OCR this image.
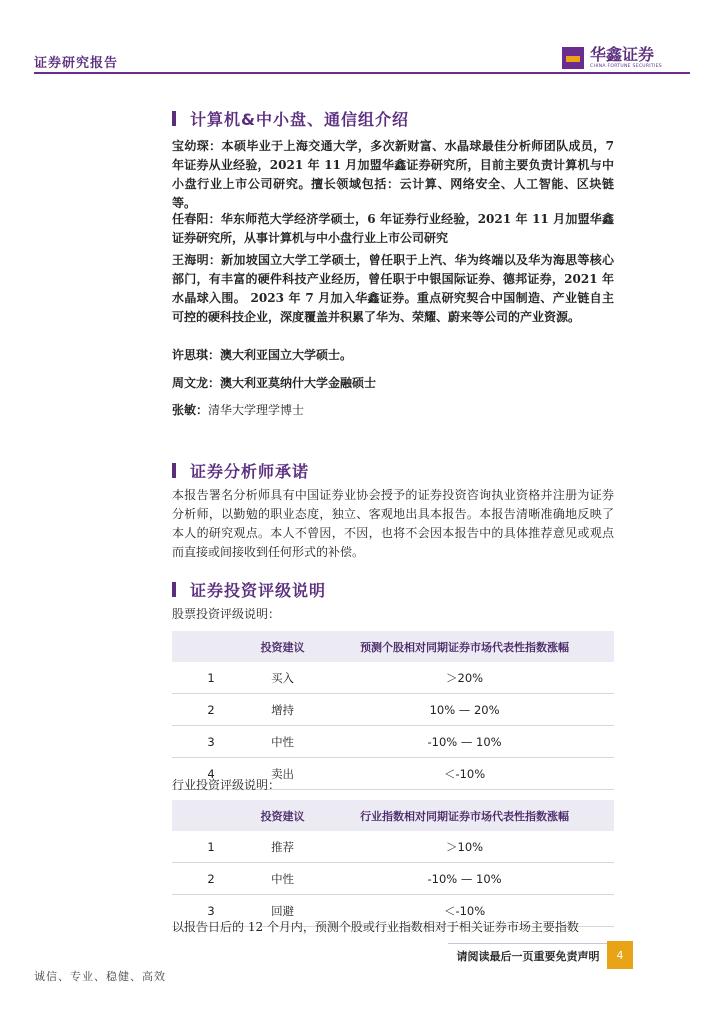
证券研究报告	华鑫证券
CHINA FORTUNE SECURITIES
计算机&中小盘、通信组介绍
宝幼琛：本硕毕业于上海交通大学，多次新财富、水晶球最佳分析师团队成员，7 年证券从业经验，2021 年 11 月加盟华鑫证券研究所，目前主要负责计算机与中小盘行业上市公司研究。擅长领域包括：云计算、网络安全、人工智能、区块链等。
任春阳：华东师范大学经济学硕士，6 年证券行业经验，2021 年 11 月加盟华鑫证券研究所，从事计算机与中小盘行业上市公司研究
王海明：新加坡国立大学工学硕士，曾任职于上汽、华为终端以及华为海思等核心部门，有丰富的硬件科技产业经历，曾任职于中银国际证券、德邦证券，2021 年水晶球入围。 2023 年 7 月加入华鑫证券。重点研究契合中国制造、产业链自主可控的硬科技企业，深度覆盖并积累了华为、荣耀、蔚来等公司的产业资源。
许思琪：澳大利亚国立大学硕士。
周文龙：澳大利亚莫纳什大学金融硕士
张敏：清华大学理学博士
证券分析师承诺
本报告署名分析师具有中国证券业协会授予的证券投资咨询执业资格并注册为证券分析师，以勤勉的职业态度，独立、客观地出具本报告。本报告清晰准确地反映了本人的研究观点。本人不曾因，不因，也将不会因本报告中的具体推荐意见或观点而直接或间接收到任何形式的补偿。
证券投资评级说明
股票投资评级说明：
	投资建议	预测个股相对同期证券市场代表性指数涨幅
1	买入	＞20%
2	增持	10% — 20%
3	中性	-10% — 10%
4	卖出	＜-10%
行业投资评级说明：
	投资建议	行业指数相对同期证券市场代表性指数涨幅
1	推荐	＞10%
2	中性	-10% — 10%
3	回避	＜-10%
以报告日后的 12 个月内，预测个股或行业指数相对于相关证券市场主要指数
请阅读最后一页重要免责声明	4
诚信、专业、稳健、高效
